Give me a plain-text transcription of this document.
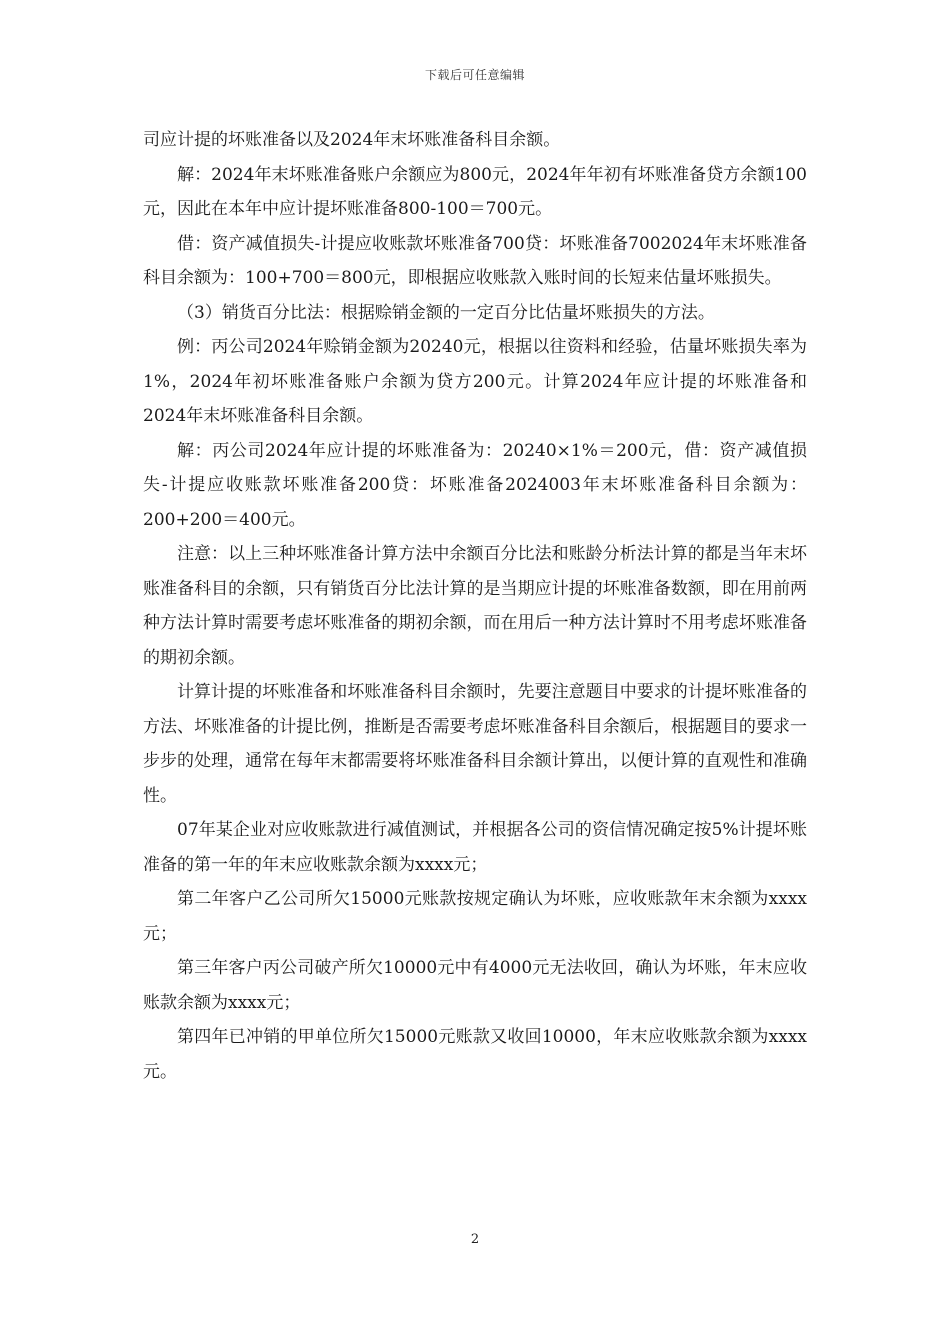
下载后可任意编辑

司应计提的坏账准备以及2024年末坏账准备科目余额。

解：2024年末坏账准备账户余额应为800元，2024年年初有坏账准备贷方余额100元，因此在本年中应计提坏账准备800-100＝700元。

借：资产减值损失-计提应收账款坏账准备700贷：坏账准备7002024年末坏账准备科目余额为：100+700＝800元，即根据应收账款入账时间的长短来估量坏账损失。

（3）销货百分比法：根据赊销金额的一定百分比估量坏账损失的方法。

例：丙公司2024年赊销金额为20240元，根据以往资料和经验，估量坏账损失率为1%，2024年初坏账准备账户余额为贷方200元。计算2024年应计提的坏账准备和2024年末坏账准备科目余额。

解：丙公司2024年应计提的坏账准备为：20240×1%＝200元，借：资产减值损失-计提应收账款坏账准备200贷：坏账准备2024003年末坏账准备科目余额为：200+200＝400元。

注意：以上三种坏账准备计算方法中余额百分比法和账龄分析法计算的都是当年末坏账准备科目的余额，只有销货百分比法计算的是当期应计提的坏账准备数额，即在用前两种方法计算时需要考虑坏账准备的期初余额，而在用后一种方法计算时不用考虑坏账准备的期初余额。

计算计提的坏账准备和坏账准备科目余额时，先要注意题目中要求的计提坏账准备的方法、坏账准备的计提比例，推断是否需要考虑坏账准备科目余额后，根据题目的要求一步步的处理，通常在每年末都需要将坏账准备科目余额计算出，以便计算的直观性和准确性。

07年某企业对应收账款进行减值测试，并根据各公司的资信情况确定按5%计提坏账准备的第一年的年末应收账款余额为xxxx元；

第二年客户乙公司所欠15000元账款按规定确认为坏账，应收账款年末余额为xxxx元；

第三年客户丙公司破产所欠10000元中有4000元无法收回，确认为坏账，年末应收账款余额为xxxx元；

第四年已冲销的甲单位所欠15000元账款又收回10000，年末应收账款余额为xxxx元。

2
